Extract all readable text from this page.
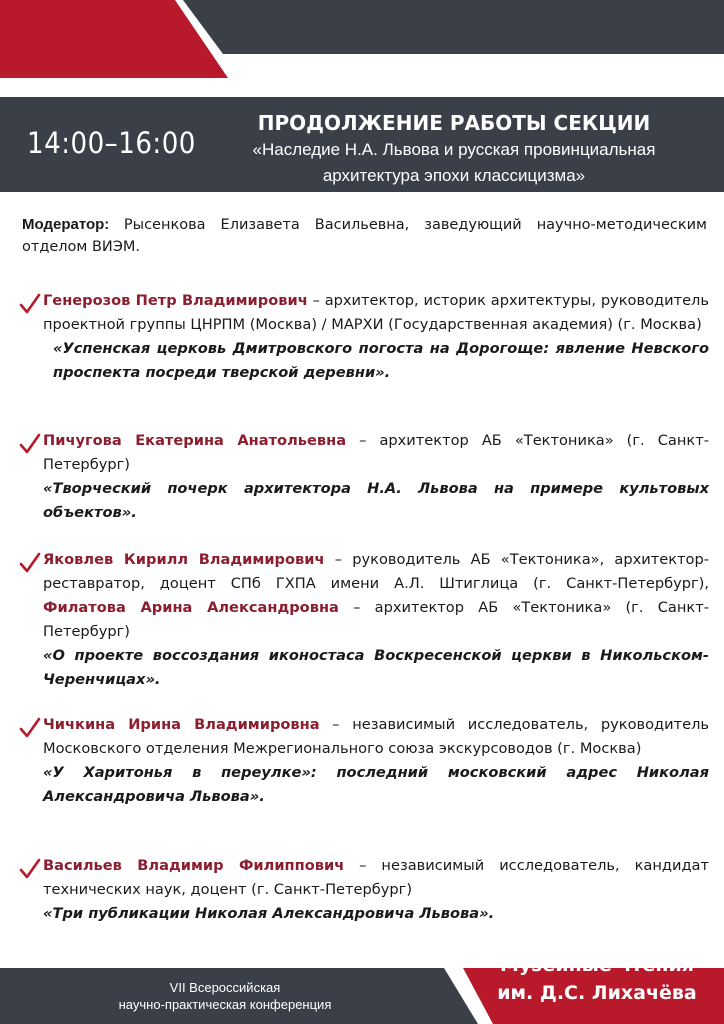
14:00–16:00
ПРОДОЛЖЕНИЕ РАБОТЫ СЕКЦИИ
«Наследие Н.А. Львова и русская провинциальная
архитектура эпохи классицизма»
Модератор: Рысенкова Елизавета Васильевна, заведующий научно-методическим отделом ВИЭМ.
Генерозов Петр Владимирович – архитектор, историк архитектуры, руководитель проектной группы ЦНРПМ (Москва) / МАРХИ (Государственная академия) (г. Москва)
«Успенская церковь Дмитровского погоста на Дорогоще: явление Невского проспекта посреди тверской деревни».
Пичугова Екатерина Анатольевна – архитектор АБ «Тектоника» (г. Санкт-Петербург)
«Творческий почерк архитектора Н.А. Львова на примере культовых объектов».
Яковлев Кирилл Владимирович – руководитель АБ «Тектоника», архитектор-реставратор, доцент СПб ГХПА имени А.Л. Штиглица (г. Санкт-Петербург), Филатова Арина Александровна – архитектор АБ «Тектоника» (г. Санкт-Петербург)
«О проекте воссоздания иконостаса Воскресенской церкви в Никольском-Черенчицах».
Чичкина Ирина Владимировна – независимый исследователь, руководитель Московского отделения Межрегионального союза экскурсоводов (г. Москва)
«У Харитонья в переулке»: последний московский адрес Николая Александровича Львова».
Васильев Владимир Филиппович – независимый исследователь, кандидат технических наук, доцент (г. Санкт-Петербург)
«Три публикации Николая Александровича Львова».
VII Всероссийская
научно-практическая конференция
Музейные чтения
им. Д.С. Лихачёва
